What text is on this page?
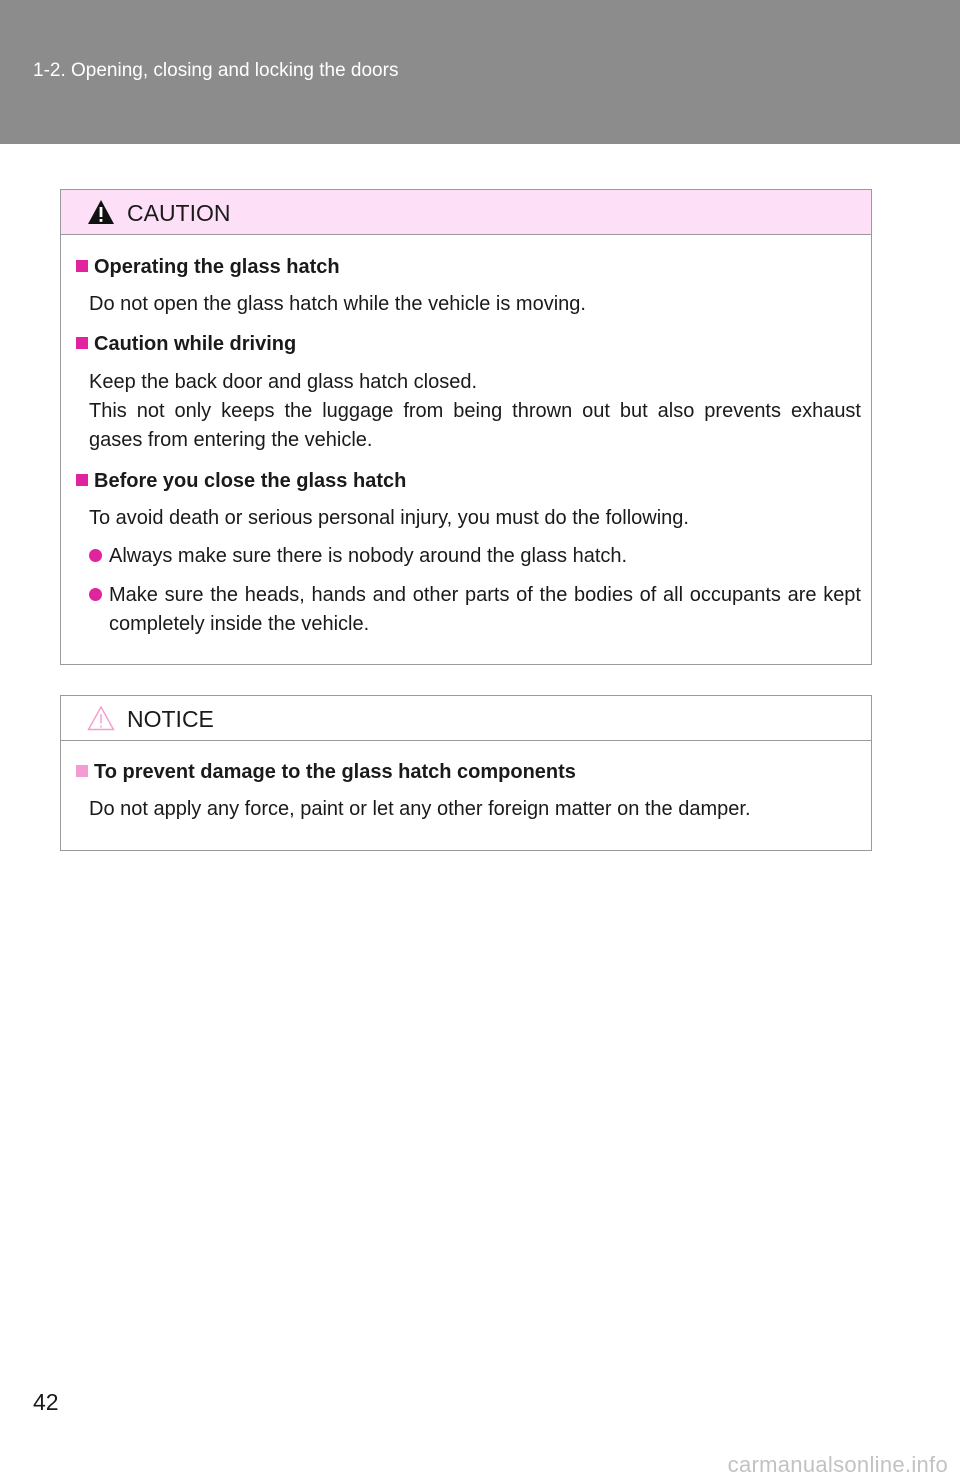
1-2. Opening, closing and locking the doors
CAUTION
Operating the glass hatch
Do not open the glass hatch while the vehicle is moving.
Caution while driving
Keep the back door and glass hatch closed.
This not only keeps the luggage from being thrown out but also prevents exhaust gases from entering the vehicle.
Before you close the glass hatch
To avoid death or serious personal injury, you must do the following.
Always make sure there is nobody around the glass hatch.
Make sure the heads, hands and other parts of the bodies of all occupants are kept completely inside the vehicle.
NOTICE
To prevent damage to the glass hatch components
Do not apply any force, paint or let any other foreign matter on the damper.
42
carmanualsonline.info
